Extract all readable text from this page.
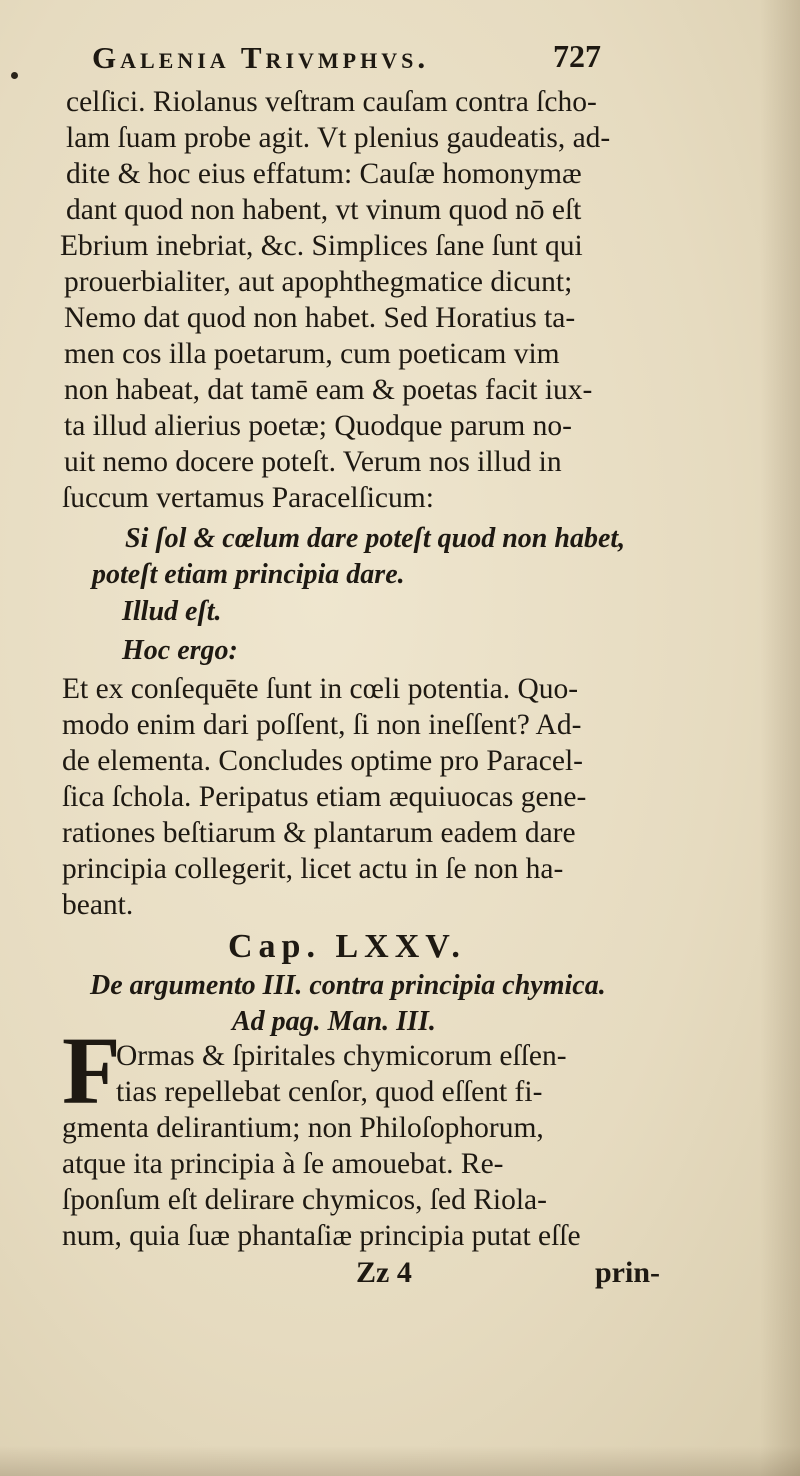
Galenia Trivmphvs.	727
celſici. Riolanus veſtram cauſam contra ſcho-
lam ſuam probe agit. Vt plenius gaudeatis, ad-
dite & hoc eius effatum: Cauſæ homonymæ
dant quod non habent, vt vinum quod nō eſt
Ebrium inebriat, &c. Simplices ſane ſunt qui
prouerbialiter, aut apophthegmatice dicunt;
Nemo dat quod non habet. Sed Horatius ta-
men cos illa poetarum, cum poeticam vim
non habeat, dat tamē eam & poetas facit iux-
ta illud alierius poetæ; Quodque parum no-
uit nemo docere poteſt. Verum nos illud in
ſuccum vertamus Paracelſicum:
Si ſol & cœlum dare poteſt quod non habet,
poteſt etiam principia dare.
Illud eſt.
Hoc ergo:
Et ex conſequēte ſunt in cœli potentia. Quo-
modo enim dari poſſent, ſi non ineſſent? Ad-
de elementa. Concludes optime pro Paracel-
ſica ſchola. Peripatus etiam æquiuocas gene-
rationes beſtiarum & plantarum eadem dare
principia collegerit, licet actu in ſe non ha-
beant.
Cap. LXXV.
De argumento III. contra principia chymica.
Ad pag. Man. III.
F
Ormas & ſpiritales chymicorum eſſen-
tias repellebat cenſor, quod eſſent fi-
gmenta delirantium; non Philoſophorum,
atque ita principia à ſe amouebat. Re-
ſponſum eſt delirare chymicos, ſed Riola-
num, quia ſuæ phantaſiæ principia putat eſſe
Zz 4	prin-
